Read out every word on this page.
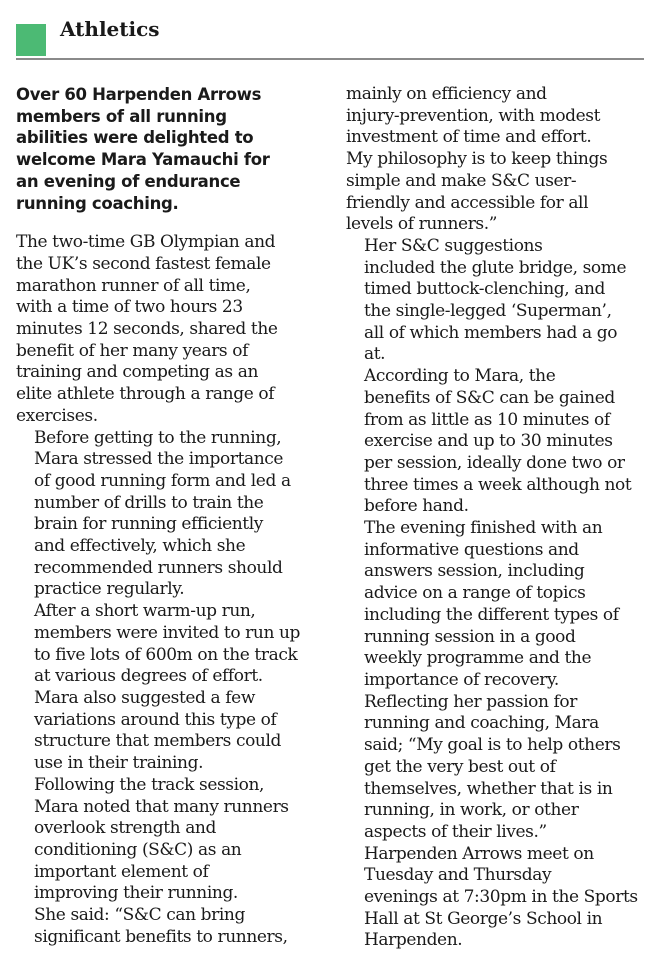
Athletics
Over 60 Harpenden Arrows
members of all running
abilities were delighted to
welcome Mara Yamauchi for
an evening of endurance
running coaching.

The two-time GB Olympian and
the UK’s second fastest female
marathon runner of all time,
with a time of two hours 23
minutes 12 seconds, shared the
benefit of her many years of
training and competing as an
elite athlete through a range of
exercises.

Before getting to the running,
Mara stressed the importance
of good running form and led a
number of drills to train the
brain for running efficiently
and effectively, which she
recommended runners should
practice regularly.

After a short warm-up run,
members were invited to run up
to five lots of 600m on the track
at various degrees of effort.

Mara also suggested a few
variations around this type of
structure that members could
use in their training.

Following the track session,
Mara noted that many runners
overlook strength and
conditioning (S&C) as an
important element of
improving their running.

She said: “S&C can bring
significant benefits to runners,

mainly on efficiency and
injury-prevention, with modest
investment of time and effort.
My philosophy is to keep things
simple and make S&C user-
friendly and accessible for all
levels of runners.”

Her S&C suggestions
included the glute bridge, some
timed buttock-clenching, and
the single-legged ‘Superman’,
all of which members had a go
at.

According to Mara, the
benefits of S&C can be gained
from as little as 10 minutes of
exercise and up to 30 minutes
per session, ideally done two or
three times a week although not
before hand.

The evening finished with an
informative questions and
answers session, including
advice on a range of topics
including the different types of
running session in a good
weekly programme and the
importance of recovery.

Reflecting her passion for
running and coaching, Mara
said; “My goal is to help others
get the very best out of
themselves, whether that is in
running, in work, or other
aspects of their lives.”

Harpenden Arrows meet on
Tuesday and Thursday
evenings at 7:30pm in the Sports
Hall at St George’s School in
Harpenden.
